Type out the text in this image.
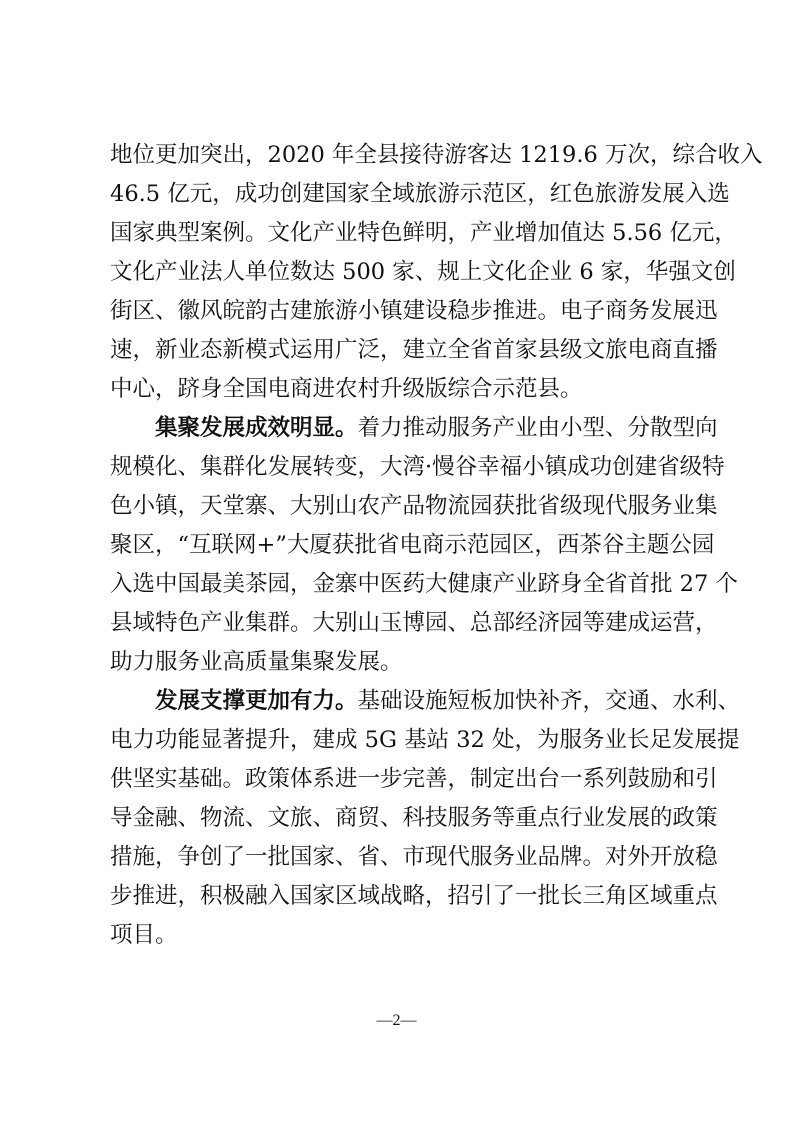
地位更加突出，2020 年全县接待游客达 1219.6 万次，综合收入
46.5 亿元，成功创建国家全域旅游示范区，红色旅游发展入选
国家典型案例。文化产业特色鲜明，产业增加值达 5.56 亿元，
文化产业法人单位数达 500 家、规上文化企业 6 家，华强文创
街区、徽风皖韵古建旅游小镇建设稳步推进。电子商务发展迅
速，新业态新模式运用广泛，建立全省首家县级文旅电商直播
中心，跻身全国电商进农村升级版综合示范县。
集聚发展成效明显。着力推动服务产业由小型、分散型向
规模化、集群化发展转变，大湾·慢谷幸福小镇成功创建省级特
色小镇，天堂寨、大别山农产品物流园获批省级现代服务业集
聚区，“互联网+”大厦获批省电商示范园区，西茶谷主题公园
入选中国最美茶园，金寨中医药大健康产业跻身全省首批 27 个
县域特色产业集群。大别山玉博园、总部经济园等建成运营，
助力服务业高质量集聚发展。
发展支撑更加有力。基础设施短板加快补齐，交通、水利、
电力功能显著提升，建成 5G 基站 32 处，为服务业长足发展提
供坚实基础。政策体系进一步完善，制定出台一系列鼓励和引
导金融、物流、文旅、商贸、科技服务等重点行业发展的政策
措施，争创了一批国家、省、市现代服务业品牌。对外开放稳
步推进，积极融入国家区域战略，招引了一批长三角区域重点
项目。
—2—
